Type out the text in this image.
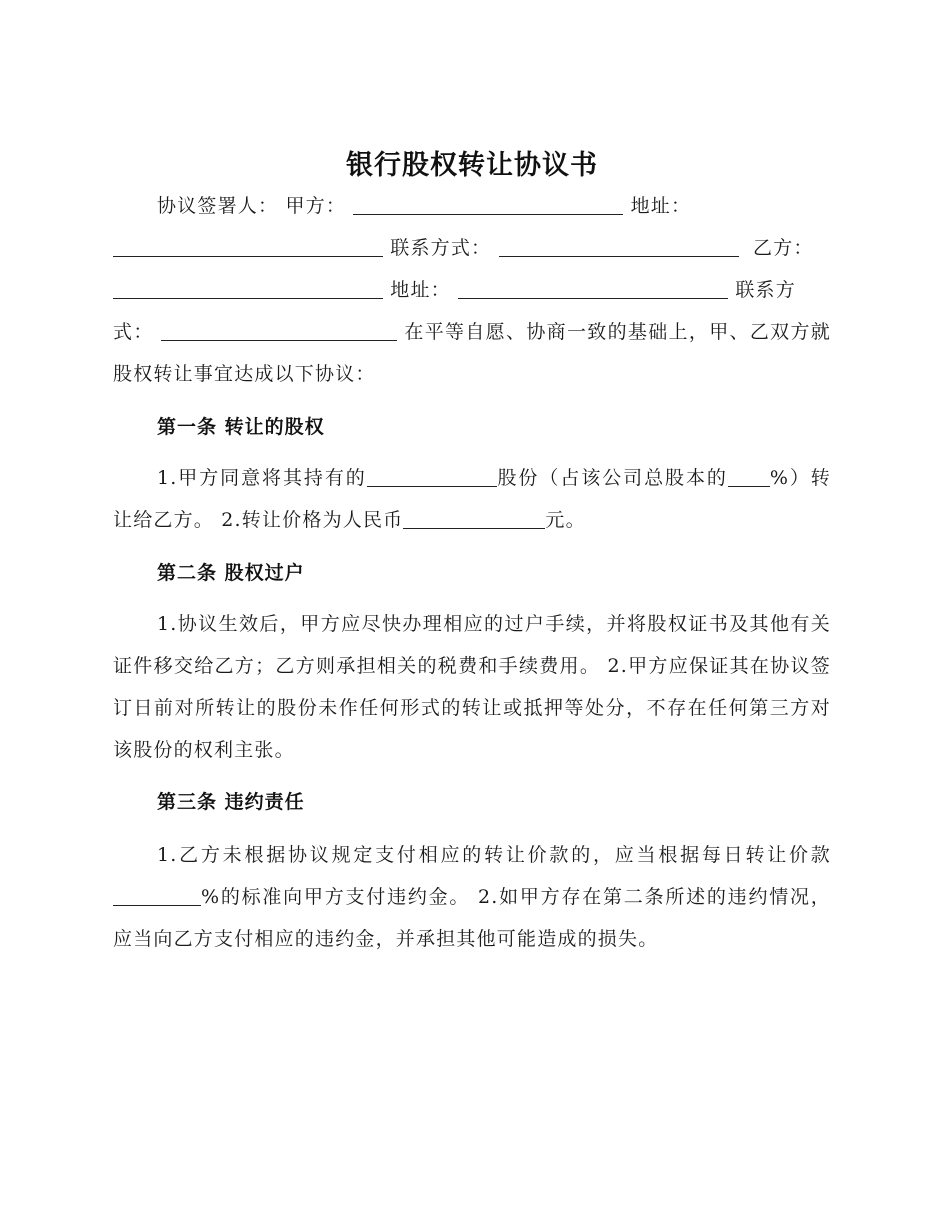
银行股权转让协议书
协议签署人： 甲方：	地址：
联系方式：	乙方：
地址：	联系方
式：	在平等自愿、协商一致的基础上，甲、乙双方就股权转让事宜达成以下协议：
第一条 转让的股权
1.甲方同意将其持有的	股份（占该公司总股本的 %）转让给乙方。 2.转让价格为人民币	元。
第二条 股权过户
1.协议生效后，甲方应尽快办理相应的过户手续，并将股权证书及其他有关证件移交给乙方；乙方则承担相关的税费和手续费用。 2.甲方应保证其在协议签订日前对所转让的股份未作任何形式的转让或抵押等处分，不存在任何第三方对该股份的权利主张。
第三条 违约责任
1.乙方未根据协议规定支付相应的转让价款的，应当根据每日转让价款%的标准向甲方支付违约金。 2.如甲方存在第二条所述的违约情况，应当向乙方支付相应的违约金，并承担其他可能造成的损失。
